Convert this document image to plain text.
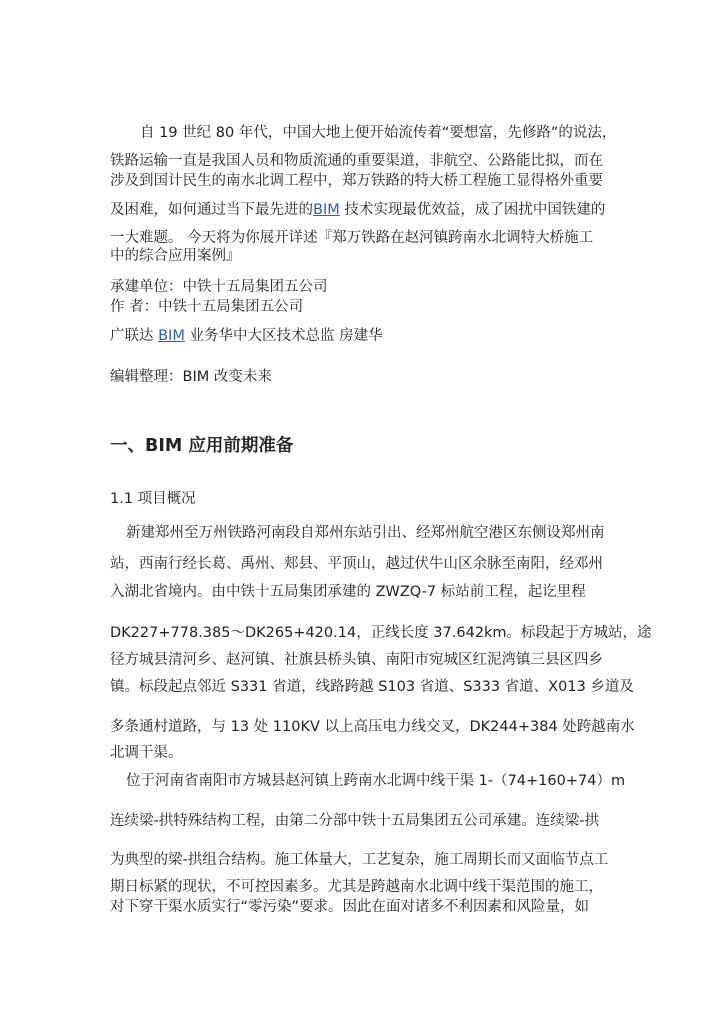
自 19 世纪 80 年代，中国大地上便开始流传着“要想富，先修路”的说法，
铁路运输一直是我国人员和物质流通的重要渠道，非航空、公路能比拟，而在
涉及到国计民生的南水北调工程中，郑万铁路的特大桥工程施工显得格外重要
及困难，如何通过当下最先进的BIM 技术实现最优效益，成了困扰中国铁建的
一大难题。 今天将为你展开详述『郑万铁路在赵河镇跨南水北调特大桥施工
中的综合应用案例』
承建单位：中铁十五局集团五公司
作 者：中铁十五局集团五公司
广联达 BIM 业务华中大区技术总监 房建华
编辑整理：BIM 改变未来
一、BIM 应用前期准备
1.1 项目概况
新建郑州至万州铁路河南段自郑州东站引出、经郑州航空港区东侧设郑州南
站，西南行经长葛、禹州、郏县、平顶山，越过伏牛山区余脉至南阳，经邓州
入湖北省境内。由中铁十五局集团承建的 ZWZQ-7 标站前工程，起讫里程
DK227+778.385～DK265+420.14，正线长度 37.642km。标段起于方城站，途
径方城县清河乡、赵河镇、社旗县桥头镇、南阳市宛城区红泥湾镇三县区四乡
镇。标段起点邻近 S331 省道，线路跨越 S103 省道、S333 省道、X013 乡道及
多条通村道路，与 13 处 110KV 以上高压电力线交叉，DK244+384 处跨越南水
北调干渠。
位于河南省南阳市方城县赵河镇上跨南水北调中线干渠 1-（74+160+74）m
连续梁-拱特殊结构工程，由第二分部中铁十五局集团五公司承建。连续梁-拱
为典型的梁-拱组合结构。施工体量大，工艺复杂，施工周期长而又面临节点工
期日标紧的现状，不可控因素多。尤其是跨越南水北调中线干渠范围的施工，
对下穿干渠水质实行“零污染”要求。因此在面对诸多不利因素和风险量，如
